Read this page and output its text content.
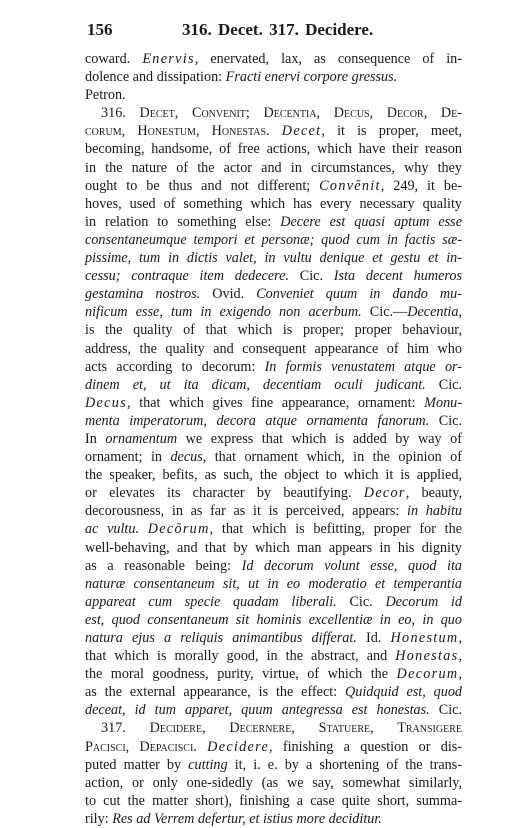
156	316. Decet. 317. Decidere.
coward. Enervis, enervated, lax, as consequence of in-
dolence and dissipation: Fracti enervi corpore gressus.
Petron.
316. Decet, Convenit; Decentia, Decus, Decor, De-
corum, Honestum, Honestas. Decet, it is proper, meet,
becoming, handsome, of free actions, which have their reason
in the nature of the actor and in circumstances, why they
ought to be thus and not different; Convĕnit, 249, it be-
hoves, used of something which has every necessary quality
in relation to something else: Decere est quasi aptum esse
consentaneumque tempori et personæ; quod cum in factis sæ-
pissime, tum in dictis valet, in vultu denique et gestu et in-
cessu; contraque item dedecere. Cic. Ista decent humeros
gestamina nostros. Ovid. Conveniet quum in dando mu-
nificum esse, tum in exigendo non acerbum. Cic.—Decentia,
is the quality of that which is proper; proper behaviour,
address, the quality and consequent appearance of him who
acts according to decorum: In formis venustatem atque or-
dinem et, ut ita dicam, decentiam oculi judicant. Cic.
Decus, that which gives fine appearance, ornament: Monu-
menta imperatorum, decora atque ornamenta fanorum. Cic.
In ornamentum we express that which is added by way of
ornament; in decus, that ornament which, in the opinion of
the speaker, befits, as such, the object to which it is applied,
or elevates its character by beautifying. Decor, beauty,
decorousness, in as far as it is perceived, appears: in habitu
ac vultu. Decŏrum, that which is befitting, proper for the
well-behaving, and that by which man appears in his dignity
as a reasonable being: Id decorum volunt esse, quod ita
naturæ consentaneum sit, ut in eo moderatio et temperantia
appareat cum specie quadam liberali. Cic. Decorum id
est, quod consentaneum sit hominis excellentiæ in eo, in quo
natura ejus a reliquis animantibus differat. Id. Honestum,
that which is morally good, in the abstract, and Honestas,
the moral goodness, purity, virtue, of which the Decorum,
as the external appearance, is the effect: Quidquid est, quod
deceat, id tum apparet, quum antegressa est honestas. Cic.
317. Decidere, Decernere, Statuere, Transigere
Pacisci, Depacisci. Decidere, finishing a question or dis-
puted matter by cutting it, i. e. by a shortening of the trans-
action, or only one-sidedly (as we say, somewhat similarly,
to cut the matter short), finishing a case quite short, summa-
rily: Res ad Verrem defertur, et istius more deciditur.
